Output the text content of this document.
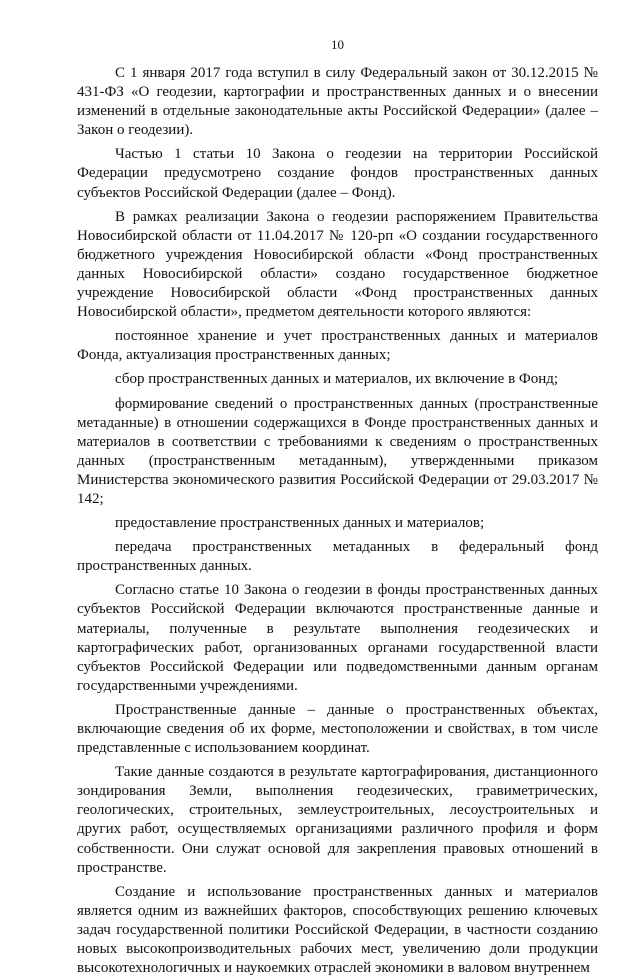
10

С 1 января 2017 года вступил в силу Федеральный закон от 30.12.2015 № 431-ФЗ «О геодезии, картографии и пространственных данных и о внесении изменений в отдельные законодательные акты Российской Федерации» (далее – Закон о геодезии).

Частью 1 статьи 10 Закона о геодезии на территории Российской Федерации предусмотрено создание фондов пространственных данных субъектов Российской Федерации (далее – Фонд).

В рамках реализации Закона о геодезии распоряжением Правительства Новосибирской области от 11.04.2017 № 120-рп «О создании государственного бюджетного учреждения Новосибирской области «Фонд пространственных данных Новосибирской области» создано государственное бюджетное учреждение Новосибирской области «Фонд пространственных данных Новосибирской области», предметом деятельности которого являются:

постоянное хранение и учет пространственных данных и материалов Фонда, актуализация пространственных данных;

сбор пространственных данных и материалов, их включение в Фонд;

формирование сведений о пространственных данных (пространственные метаданные) в отношении содержащихся в Фонде пространственных данных и материалов в соответствии с требованиями к сведениям о пространственных данных (пространственным метаданным), утвержденными приказом Министерства экономического развития Российской Федерации от 29.03.2017 № 142;

предоставление пространственных данных и материалов;

передача пространственных метаданных в федеральный фонд пространственных данных.

Согласно статье 10 Закона о геодезии в фонды пространственных данных субъектов Российской Федерации включаются пространственные данные и материалы, полученные в результате выполнения геодезических и картографических работ, организованных органами государственной власти субъектов Российской Федерации или подведомственными данным органам государственными учреждениями.

Пространственные данные – данные о пространственных объектах, включающие сведения об их форме, местоположении и свойствах, в том числе представленные с использованием координат.

Такие данные создаются в результате картографирования, дистанционного зондирования Земли, выполнения геодезических, гравиметрических, геологических, строительных, землеустроительных, лесоустроительных и других работ, осуществляемых организациями различного профиля и форм собственности. Они служат основой для закрепления правовых отношений в пространстве.

Создание и использование пространственных данных и материалов является одним из важнейших факторов, способствующих решению ключевых задач государственной политики Российской Федерации, в частности созданию новых высокопроизводительных рабочих мест, увеличению доли продукции высокотехнологичных и наукоемких отраслей экономики в валовом внутреннем
